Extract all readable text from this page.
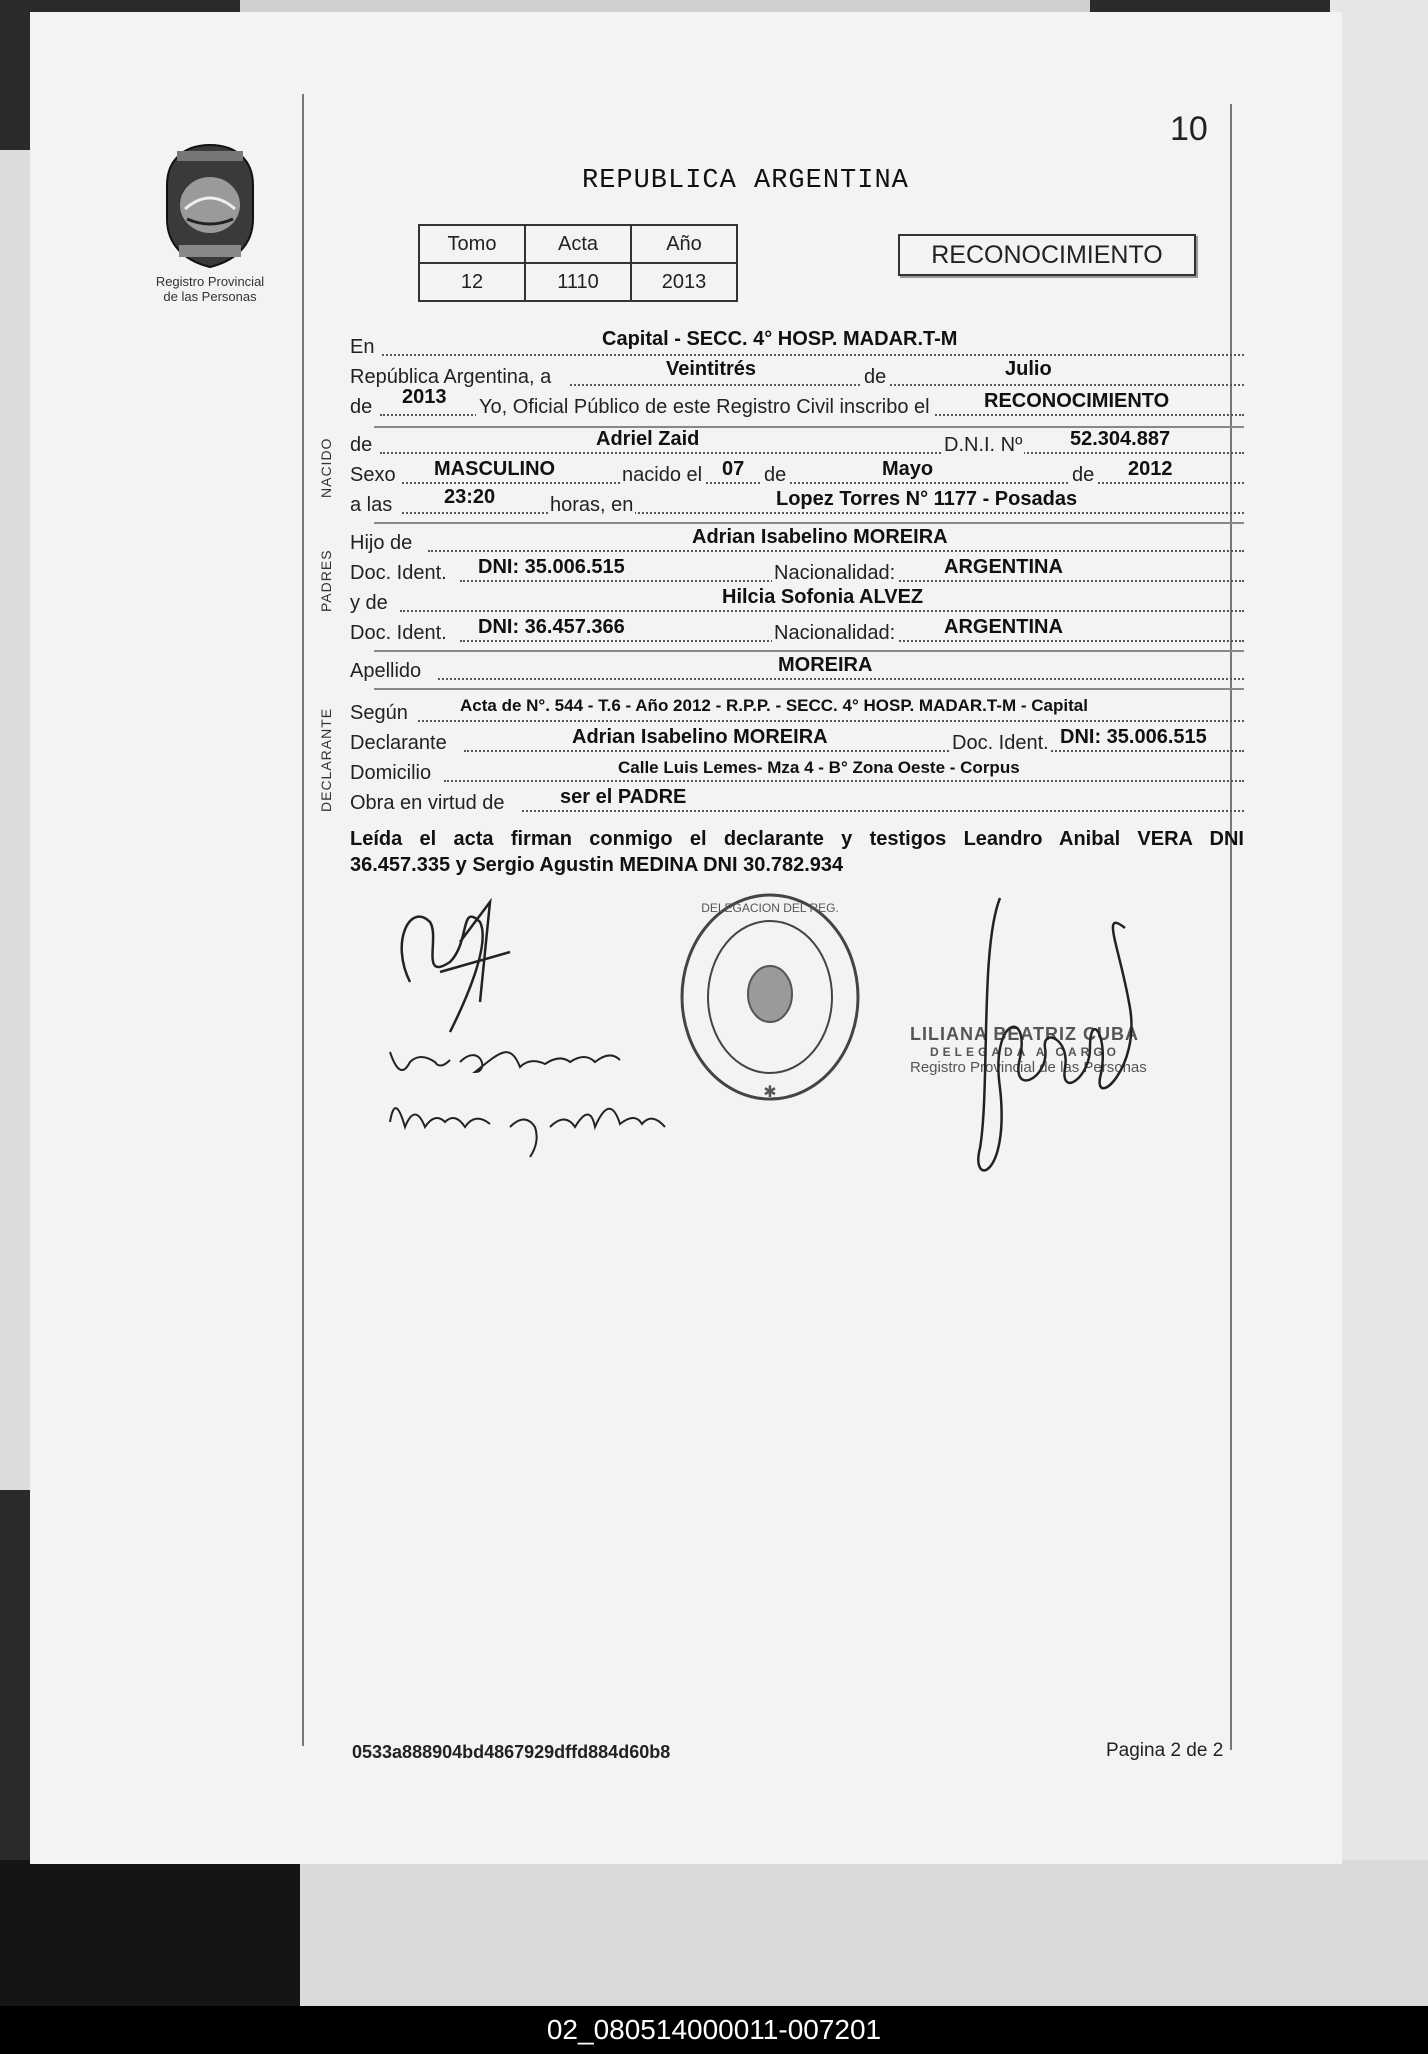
Registro Provincial
de las Personas
10
REPUBLICA ARGENTINA
Tomo	Acta	Año
12	1110	2013
RECONOCIMIENTO
En	Capital - SECC. 4° HOSP. MADAR.T-M
República Argentina, a	Veintitrés	de	Julio
de 2013 Yo, Oficial Público de este Registro Civil inscribo el	RECONOCIMIENTO
NACIDO de	Adriel Zaid	D.N.I. Nº 52.304.887
Sexo MASCULINO	nacido el 07 de	Mayo	de 2012
a las	23:20	horas, en	Lopez Torres N° 1177 - Posadas
PADRES
Hijo de	Adrian Isabelino MOREIRA
Doc. Ident. DNI: 35.006.515	Nacionalidad: ARGENTINA
y de	Hilcia Sofonia ALVEZ
Doc. Ident. DNI: 36.457.366	Nacionalidad: ARGENTINA
Apellido	MOREIRA
DECLARANTE Según	Acta de N°. 544 - T.6 - Año 2012 - R.P.P. - SECC. 4° HOSP. MADAR.T-M - Capital
Declarante	Adrian Isabelino MOREIRA	Doc. Ident. DNI: 35.006.515
Domicilio	Calle Luis Lemes- Mza 4 - B° Zona Oeste - Corpus
Obra en virtud de	ser el PADRE
Leída el acta firman conmigo el declarante y testigos Leandro Anibal VERA DNI
36.457.335 y Sergio Agustin MEDINA DNI 30.782.934
DELEGACION DEL REG.
✱
LILIANA BEATRIZ CUBA
DELEGADA A CARGO
Registro Provincial de las Personas
0533a888904bd4867929dffd884d60b8	Pagina 2 de 2
02_080514000011-007201
